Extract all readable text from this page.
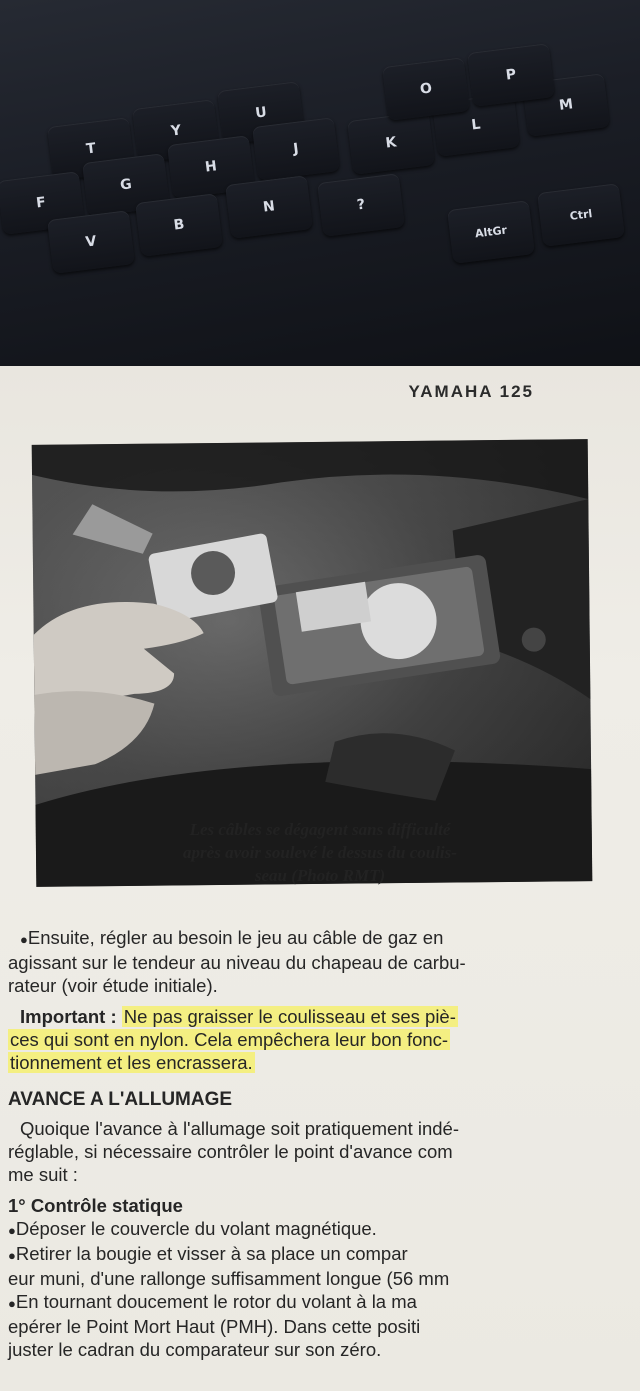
T
Y
U
K
L
M
F
G
H
J
?
V
B
N
AltGr
Ctrl
P
O
YAMAHA 125
Les câbles se dégagent sans difficulté
après avoir soulevé le dessus du coulis-
seau (Photo RMT)
● Ensuite, régler au besoin le jeu au câble de gaz en
agissant sur le tendeur au niveau du chapeau de carbu-
rateur (voir étude initiale).
Important : Ne pas graisser le coulisseau et ses piè-
ces qui sont en nylon. Cela empêchera leur bon fonc-
tionnement et les encrassera.
AVANCE A L'ALLUMAGE
Quoique l'avance à l'allumage soit pratiquement indé-
réglable, si nécessaire contrôler le point d'avance com
me suit :
1° Contrôle statique
● Déposer le couvercle du volant magnétique.
● Retirer la bougie et visser à sa place un compar
eur muni, d'une rallonge suffisamment longue (56 mm
● En tournant doucement le rotor du volant à la ma
epérer le Point Mort Haut (PMH). Dans cette positi
juster le cadran du comparateur sur son zéro.
